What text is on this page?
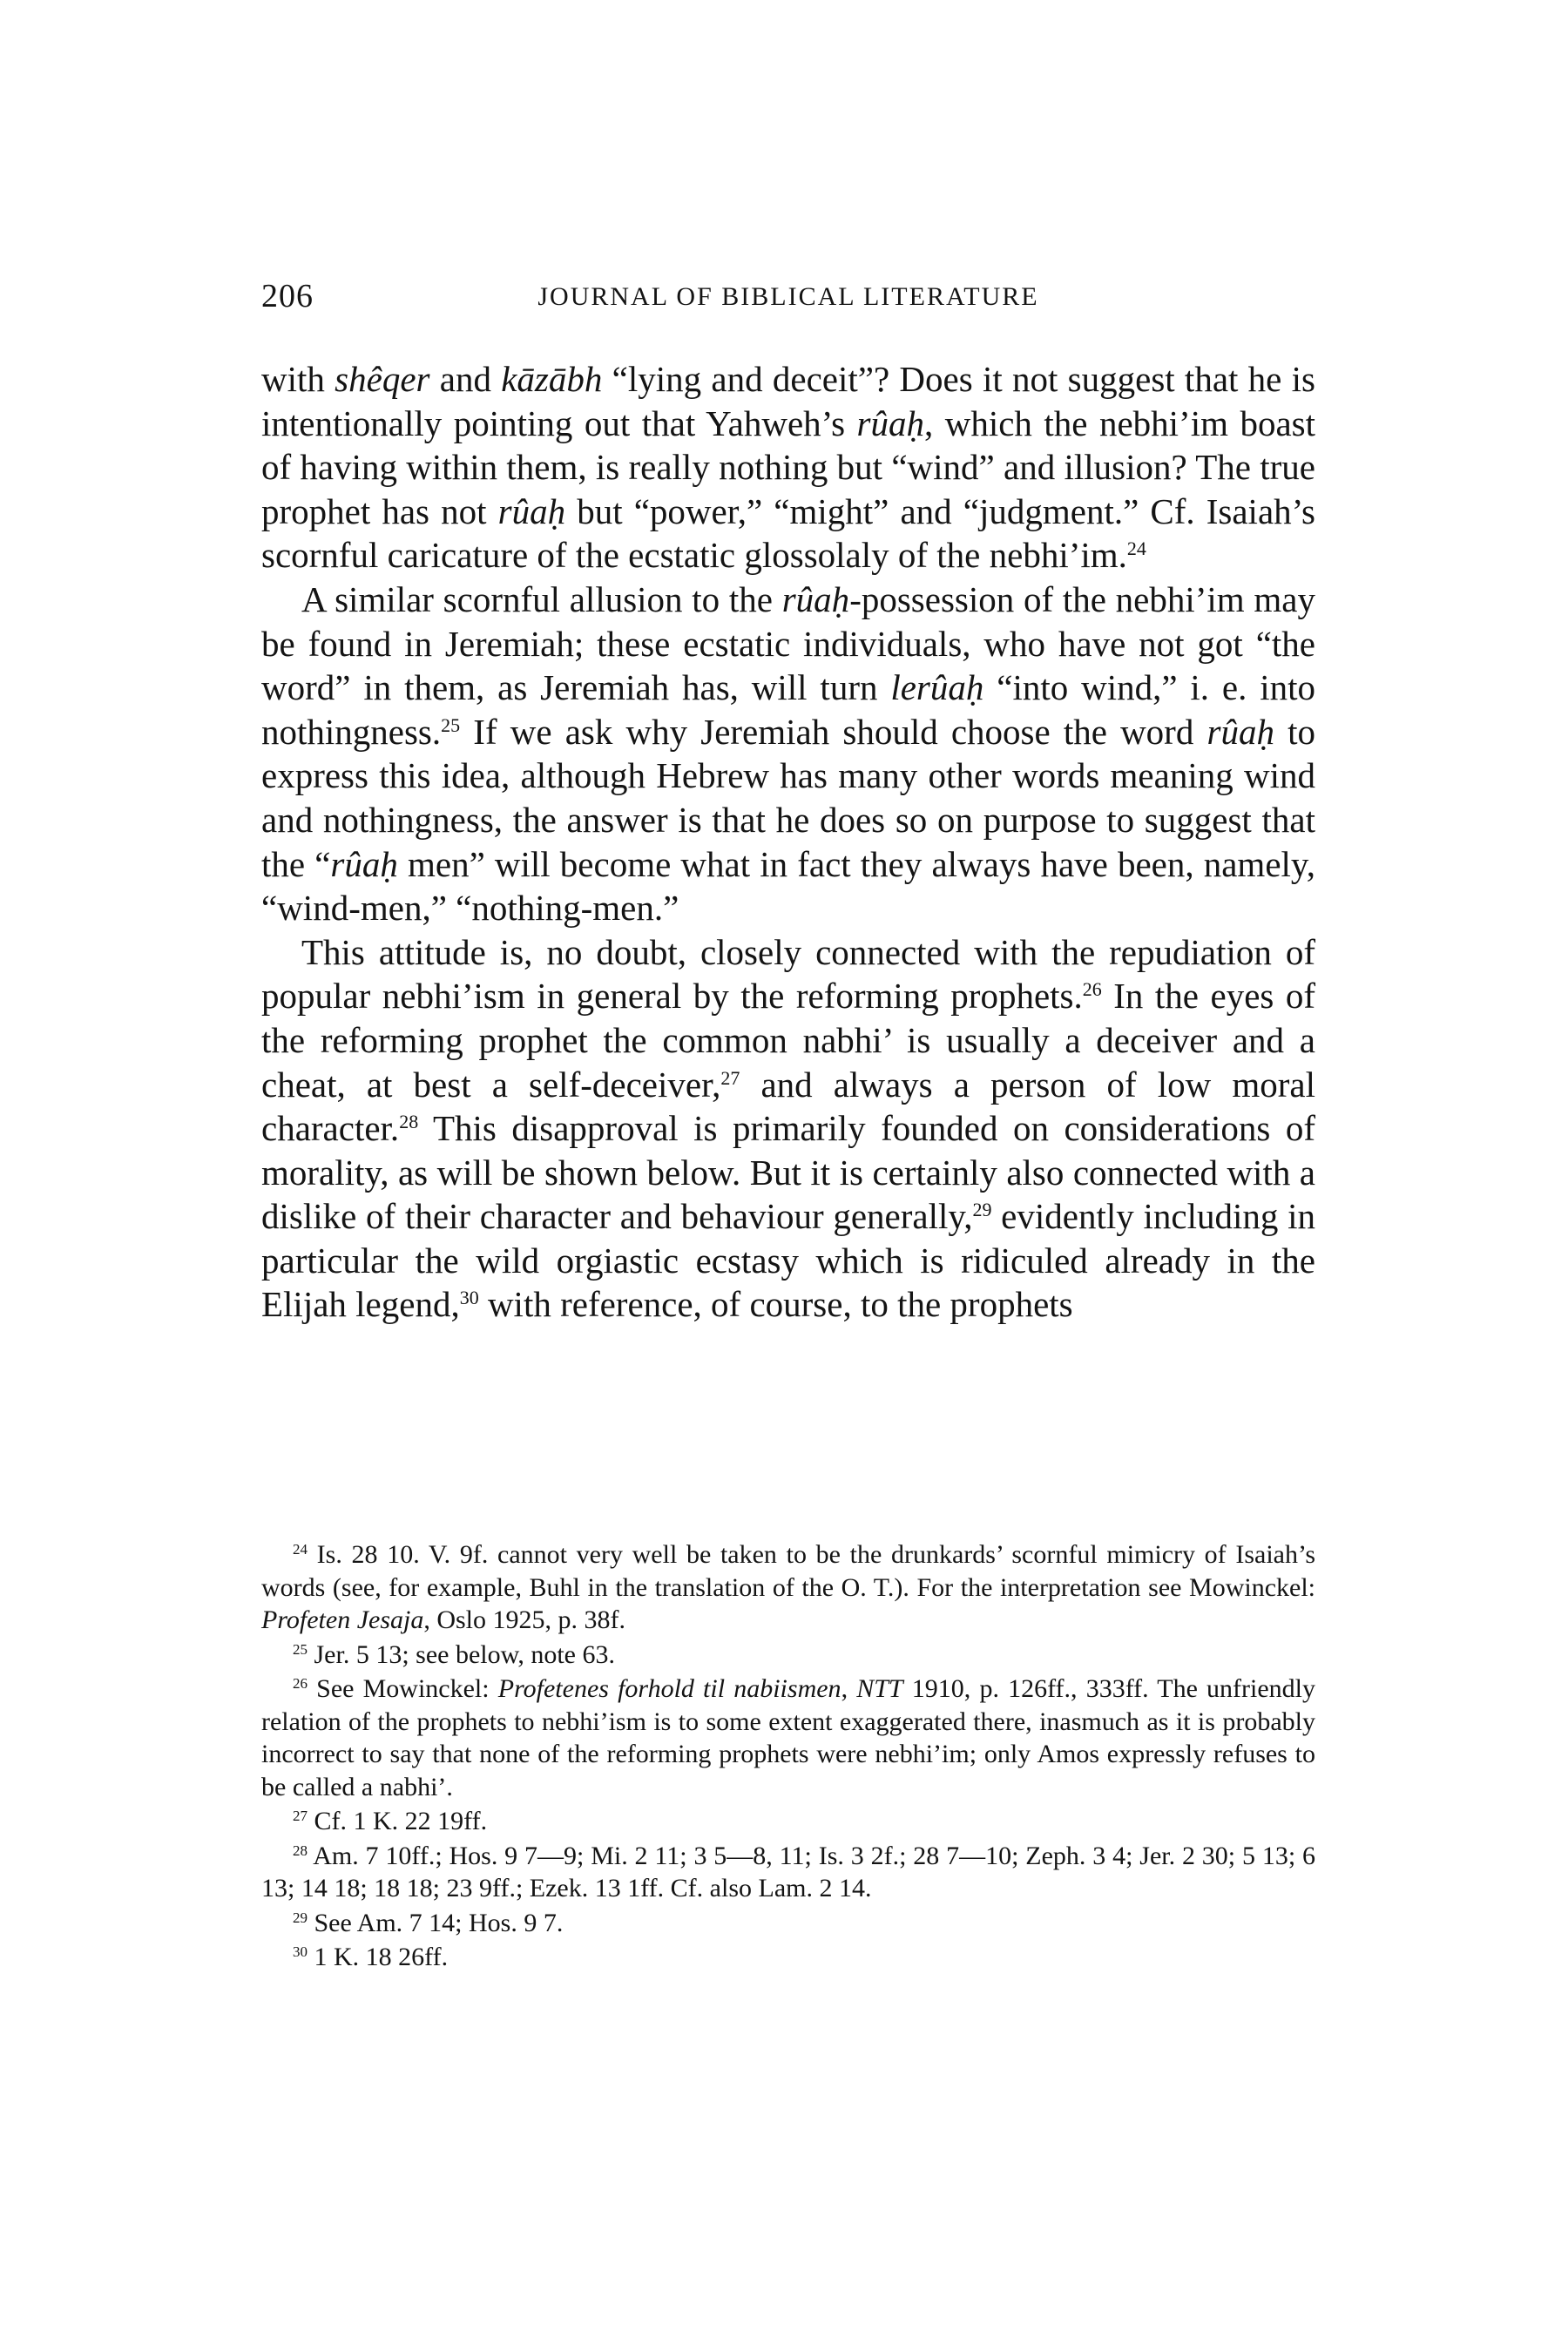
206	JOURNAL OF BIBLICAL LITERATURE

with shêqer and kāzābh “lying and deceit”? Does it not suggest that he is intentionally pointing out that Yahweh’s rûaḥ, which the nebhi’im boast of having within them, is really nothing but “wind” and illusion? The true prophet has not rûaḥ but “power,” “might” and “judgment.” Cf. Isaiah’s scornful caricature of the ecstatic glossolaly of the nebhi’im.$^{24}$

A similar scornful allusion to the rûaḥ-possession of the nebhi’im may be found in Jeremiah; these ecstatic individuals, who have not got “the word” in them, as Jeremiah has, will turn lerûaḥ “into wind,” i. e. into nothingness.$^{25}$ If we ask why Jeremiah should choose the word rûaḥ to express this idea, although Hebrew has many other words meaning wind and nothingness, the answer is that he does so on purpose to suggest that the “rûaḥ men” will become what in fact they always have been, namely, “wind-men,” “nothing-men.”

This attitude is, no doubt, closely connected with the repudiation of popular nebhi’ism in general by the reforming prophets.$^{26}$ In the eyes of the reforming prophet the common nabhi’ is usually a deceiver and a cheat, at best a self-deceiver,$^{27}$ and always a person of low moral character.$^{28}$ This disapproval is primarily founded on considerations of morality, as will be shown below. But it is certainly also connected with a dislike of their character and behaviour generally,$^{29}$ evidently including in particular the wild orgiastic ecstasy which is ridiculed already in the Elijah legend,$^{30}$ with reference, of course, to the prophets

$^{24}$ Is. 28 10. V. 9f. cannot very well be taken to be the drunkards’ scornful mimicry of Isaiah’s words (see, for example, Buhl in the translation of the O. T.). For the interpretation see Mowinckel: Profeten Jesaja, Oslo 1925, p. 38f.

$^{25}$ Jer. 5 13; see below, note 63.

$^{26}$ See Mowinckel: Profetenes forhold til nabiismen, NTT 1910, p. 126ff., 333ff. The unfriendly relation of the prophets to nebhi’ism is to some extent exaggerated there, inasmuch as it is probably incorrect to say that none of the reforming prophets were nebhi’im; only Amos expressly refuses to be called a nabhi’.

$^{27}$ Cf. 1 K. 22 19ff.

$^{28}$ Am. 7 10ff.; Hos. 9 7—9; Mi. 2 11; 3 5—8, 11; Is. 3 2f.; 28 7—10; Zeph. 3 4; Jer. 2 30; 5 13; 6 13; 14 18; 18 18; 23 9ff.; Ezek. 13 1ff. Cf. also Lam. 2 14.

$^{29}$ See Am. 7 14; Hos. 9 7.

$^{30}$ 1 K. 18 26ff.
